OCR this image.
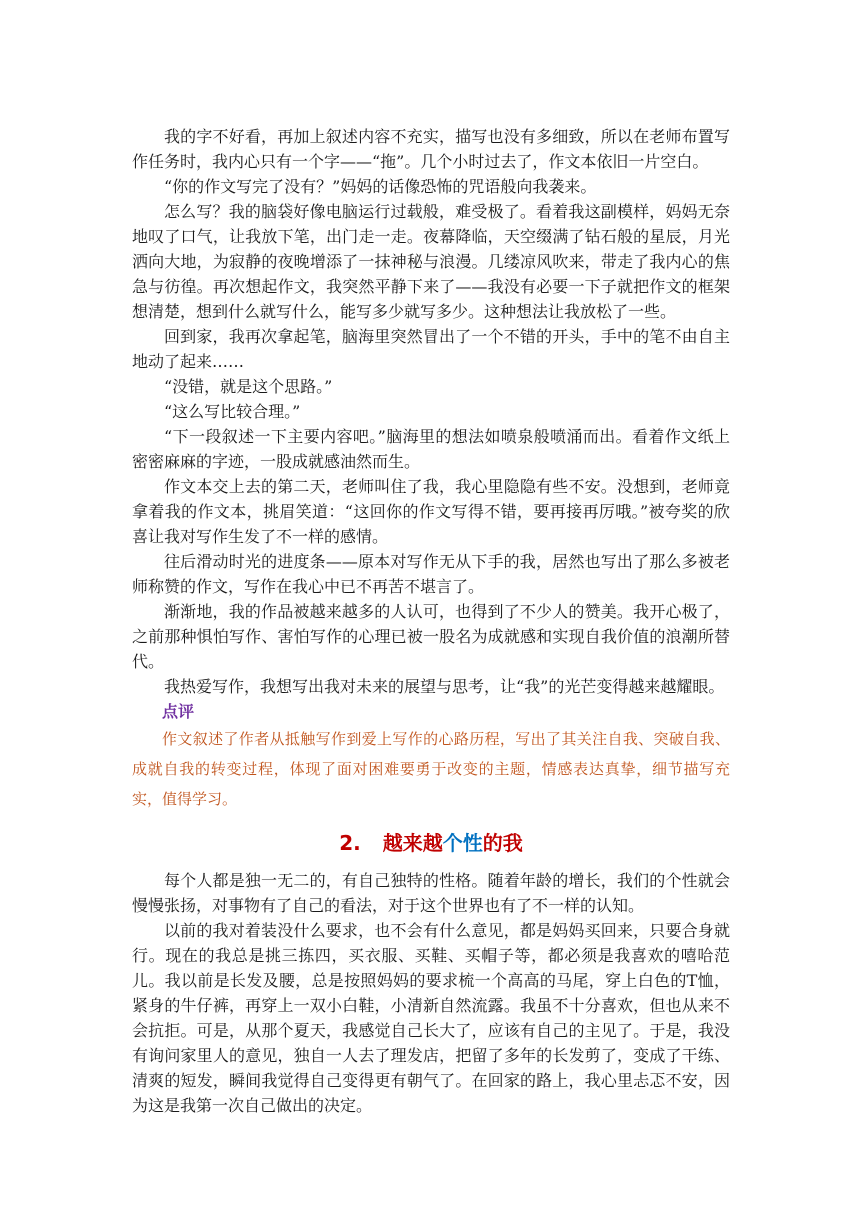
我的字不好看，再加上叙述内容不充实，描写也没有多细致，所以在老师布置写作任务时，我内心只有一个字——“拖”。几个小时过去了，作文本依旧一片空白。

“你的作文写完了没有？”妈妈的话像恐怖的咒语般向我袭来。

怎么写？我的脑袋好像电脑运行过载般，难受极了。看着我这副模样，妈妈无奈地叹了口气，让我放下笔，出门走一走。夜幕降临，天空缀满了钻石般的星辰，月光洒向大地，为寂静的夜晚增添了一抹神秘与浪漫。几缕凉风吹来，带走了我内心的焦急与彷徨。再次想起作文，我突然平静下来了——我没有必要一下子就把作文的框架想清楚，想到什么就写什么，能写多少就写多少。这种想法让我放松了一些。

回到家，我再次拿起笔，脑海里突然冒出了一个不错的开头，手中的笔不由自主地动了起来……

“没错，就是这个思路。”

“这么写比较合理。”

“下一段叙述一下主要内容吧。”脑海里的想法如喷泉般喷涌而出。看着作文纸上密密麻麻的字迹，一股成就感油然而生。

作文本交上去的第二天，老师叫住了我，我心里隐隐有些不安。没想到，老师竟拿着我的作文本，挑眉笑道：“这回你的作文写得不错，要再接再厉哦。”被夸奖的欣喜让我对写作生发了不一样的感情。

往后滑动时光的进度条——原本对写作无从下手的我，居然也写出了那么多被老师称赞的作文，写作在我心中已不再苦不堪言了。

渐渐地，我的作品被越来越多的人认可，也得到了不少人的赞美。我开心极了，之前那种惧怕写作、害怕写作的心理已被一股名为成就感和实现自我价值的浪潮所替代。

我热爱写作，我想写出我对未来的展望与思考，让“我”的光芒变得越来越耀眼。

点评

作文叙述了作者从抵触写作到爱上写作的心路历程，写出了其关注自我、突破自我、成就自我的转变过程，体现了面对困难要勇于改变的主题，情感表达真挚，细节描写充实，值得学习。

2. 越来越个性的我

每个人都是独一无二的，有自己独特的性格。随着年龄的增长，我们的个性就会慢慢张扬，对事物有了自己的看法，对于这个世界也有了不一样的认知。

以前的我对着装没什么要求，也不会有什么意见，都是妈妈买回来，只要合身就行。现在的我总是挑三拣四，买衣服、买鞋、买帽子等，都必须是我喜欢的嘻哈范儿。我以前是长发及腰，总是按照妈妈的要求梳一个高高的马尾，穿上白色的T恤，紧身的牛仔裤，再穿上一双小白鞋，小清新自然流露。我虽不十分喜欢，但也从来不会抗拒。可是，从那个夏天，我感觉自己长大了，应该有自己的主见了。于是，我没有询问家里人的意见，独自一人去了理发店，把留了多年的长发剪了，变成了干练、清爽的短发，瞬间我觉得自己变得更有朝气了。在回家的路上，我心里忐忑不安，因为这是我第一次自己做出的决定。
